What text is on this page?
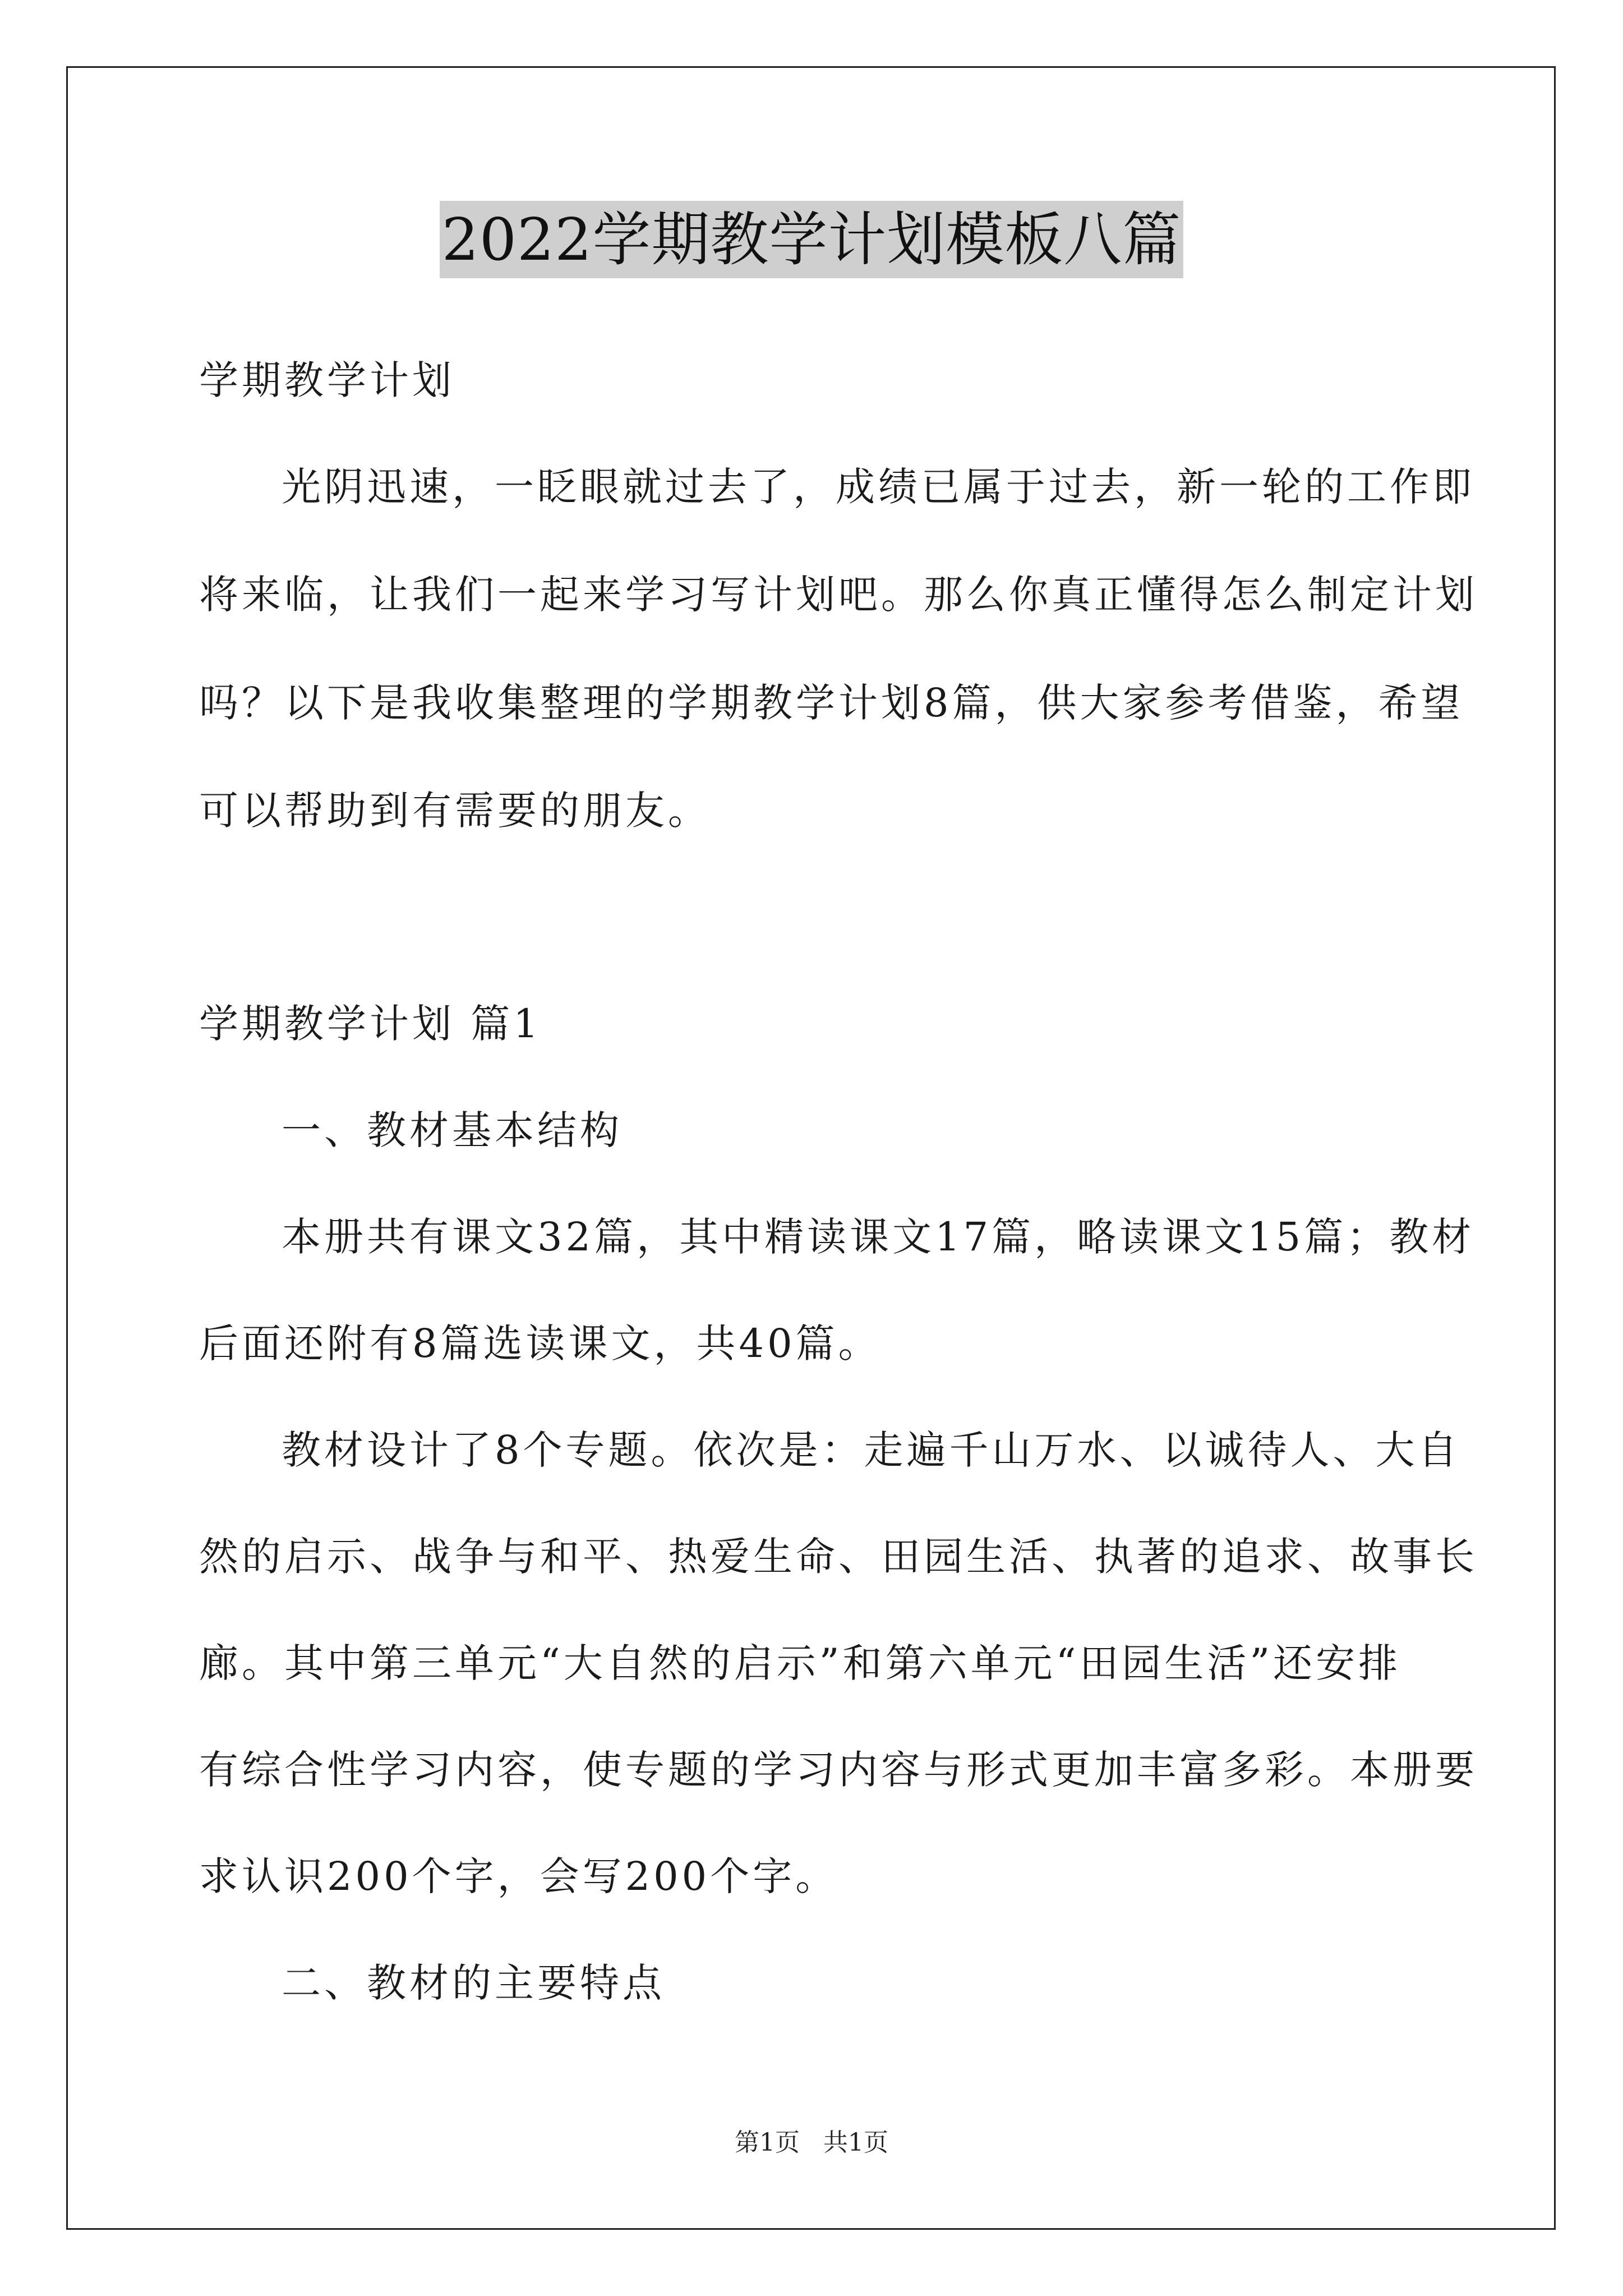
2022学期教学计划模板八篇
学期教学计划
光阴迅速，一眨眼就过去了，成绩已属于过去，新一轮的工作即
将来临，让我们一起来学习写计划吧。那么你真正懂得怎么制定计划
吗？以下是我收集整理的学期教学计划8篇，供大家参考借鉴，希望
可以帮助到有需要的朋友。
学期教学计划 篇1
一、教材基本结构
本册共有课文32篇，其中精读课文17篇，略读课文15篇；教材
后面还附有8篇选读课文，共40篇。
教材设计了8个专题。依次是：走遍千山万水、以诚待人、大自
然的启示、战争与和平、热爱生命、田园生活、执著的追求、故事长
廊。其中第三单元“大自然的启示”和第六单元“田园生活”还安排
有综合性学习内容，使专题的学习内容与形式更加丰富多彩。本册要
求认识200个字，会写200个字。
二、教材的主要特点
第1页 共1页
